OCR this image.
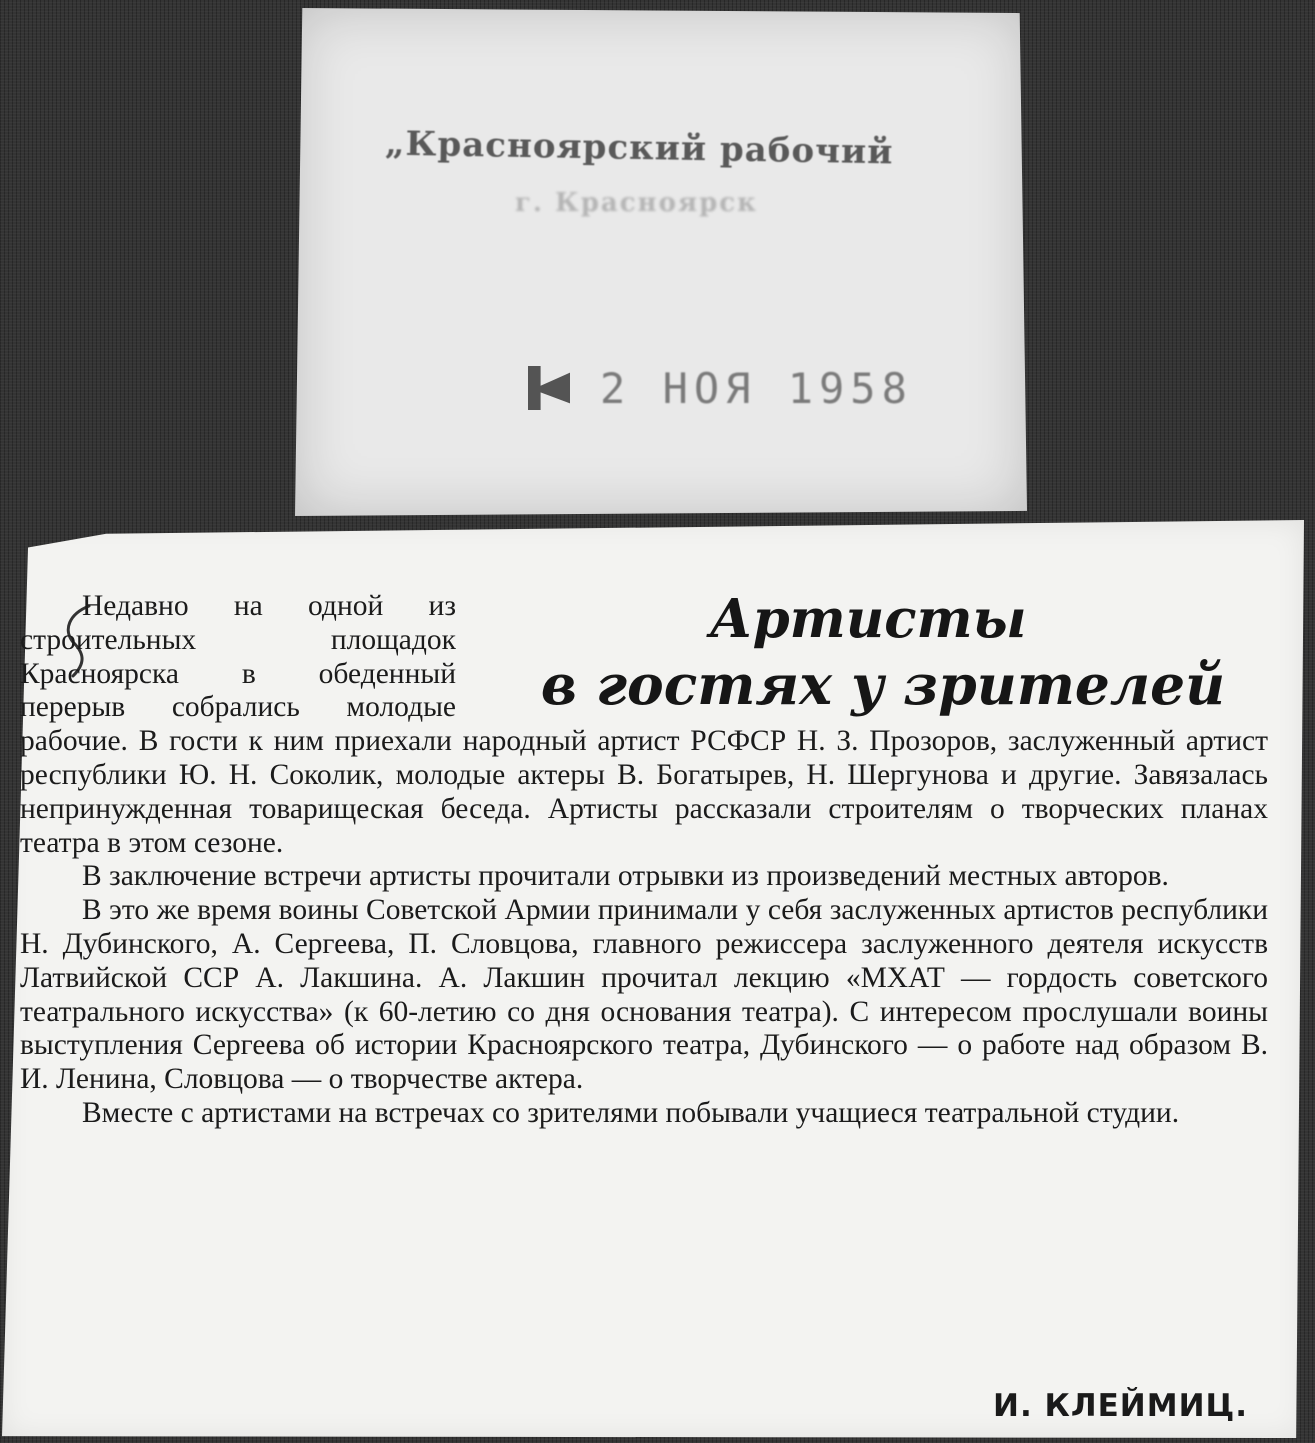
„Красноярский рабочий
г. Красноярск
2 НОЯ 1958
Артисты
в гостях у зрителей

Недавно на одной из строительных площадок Красноярска в обеденный перерыв собрались молодые рабочие. В гости к ним приехали народный артист РСФСР Н. З. Прозоров, заслуженный артист республики Ю. Н. Соколик, молодые актеры В. Богатырев, Н. Шергунова и другие. Завязалась непринужденная товарищеская беседа. Артисты рассказали строителям о творческих планах театра в этом сезоне.

В заключение встречи артисты прочитали отрывки из произведений местных авторов.

В это же время воины Советской Армии принимали у себя заслуженных артистов республики Н. Дубинского, А. Сергеева, П. Словцова, главного режиссера заслуженного деятеля искусств Латвийской ССР А. Лакшина. А. Лакшин прочитал лекцию «МХАТ — гордость советского театрального искусства» (к 60-летию со дня основания театра). С интересом прослушали воины выступления Сергеева об истории Красноярского театра, Дубинского — о работе над образом В. И. Ленина, Словцова — о творчестве актера.

Вместе с артистами на встречах со зрителями побывали учащиеся театральной студии.

И. КЛЕЙМИЦ.
